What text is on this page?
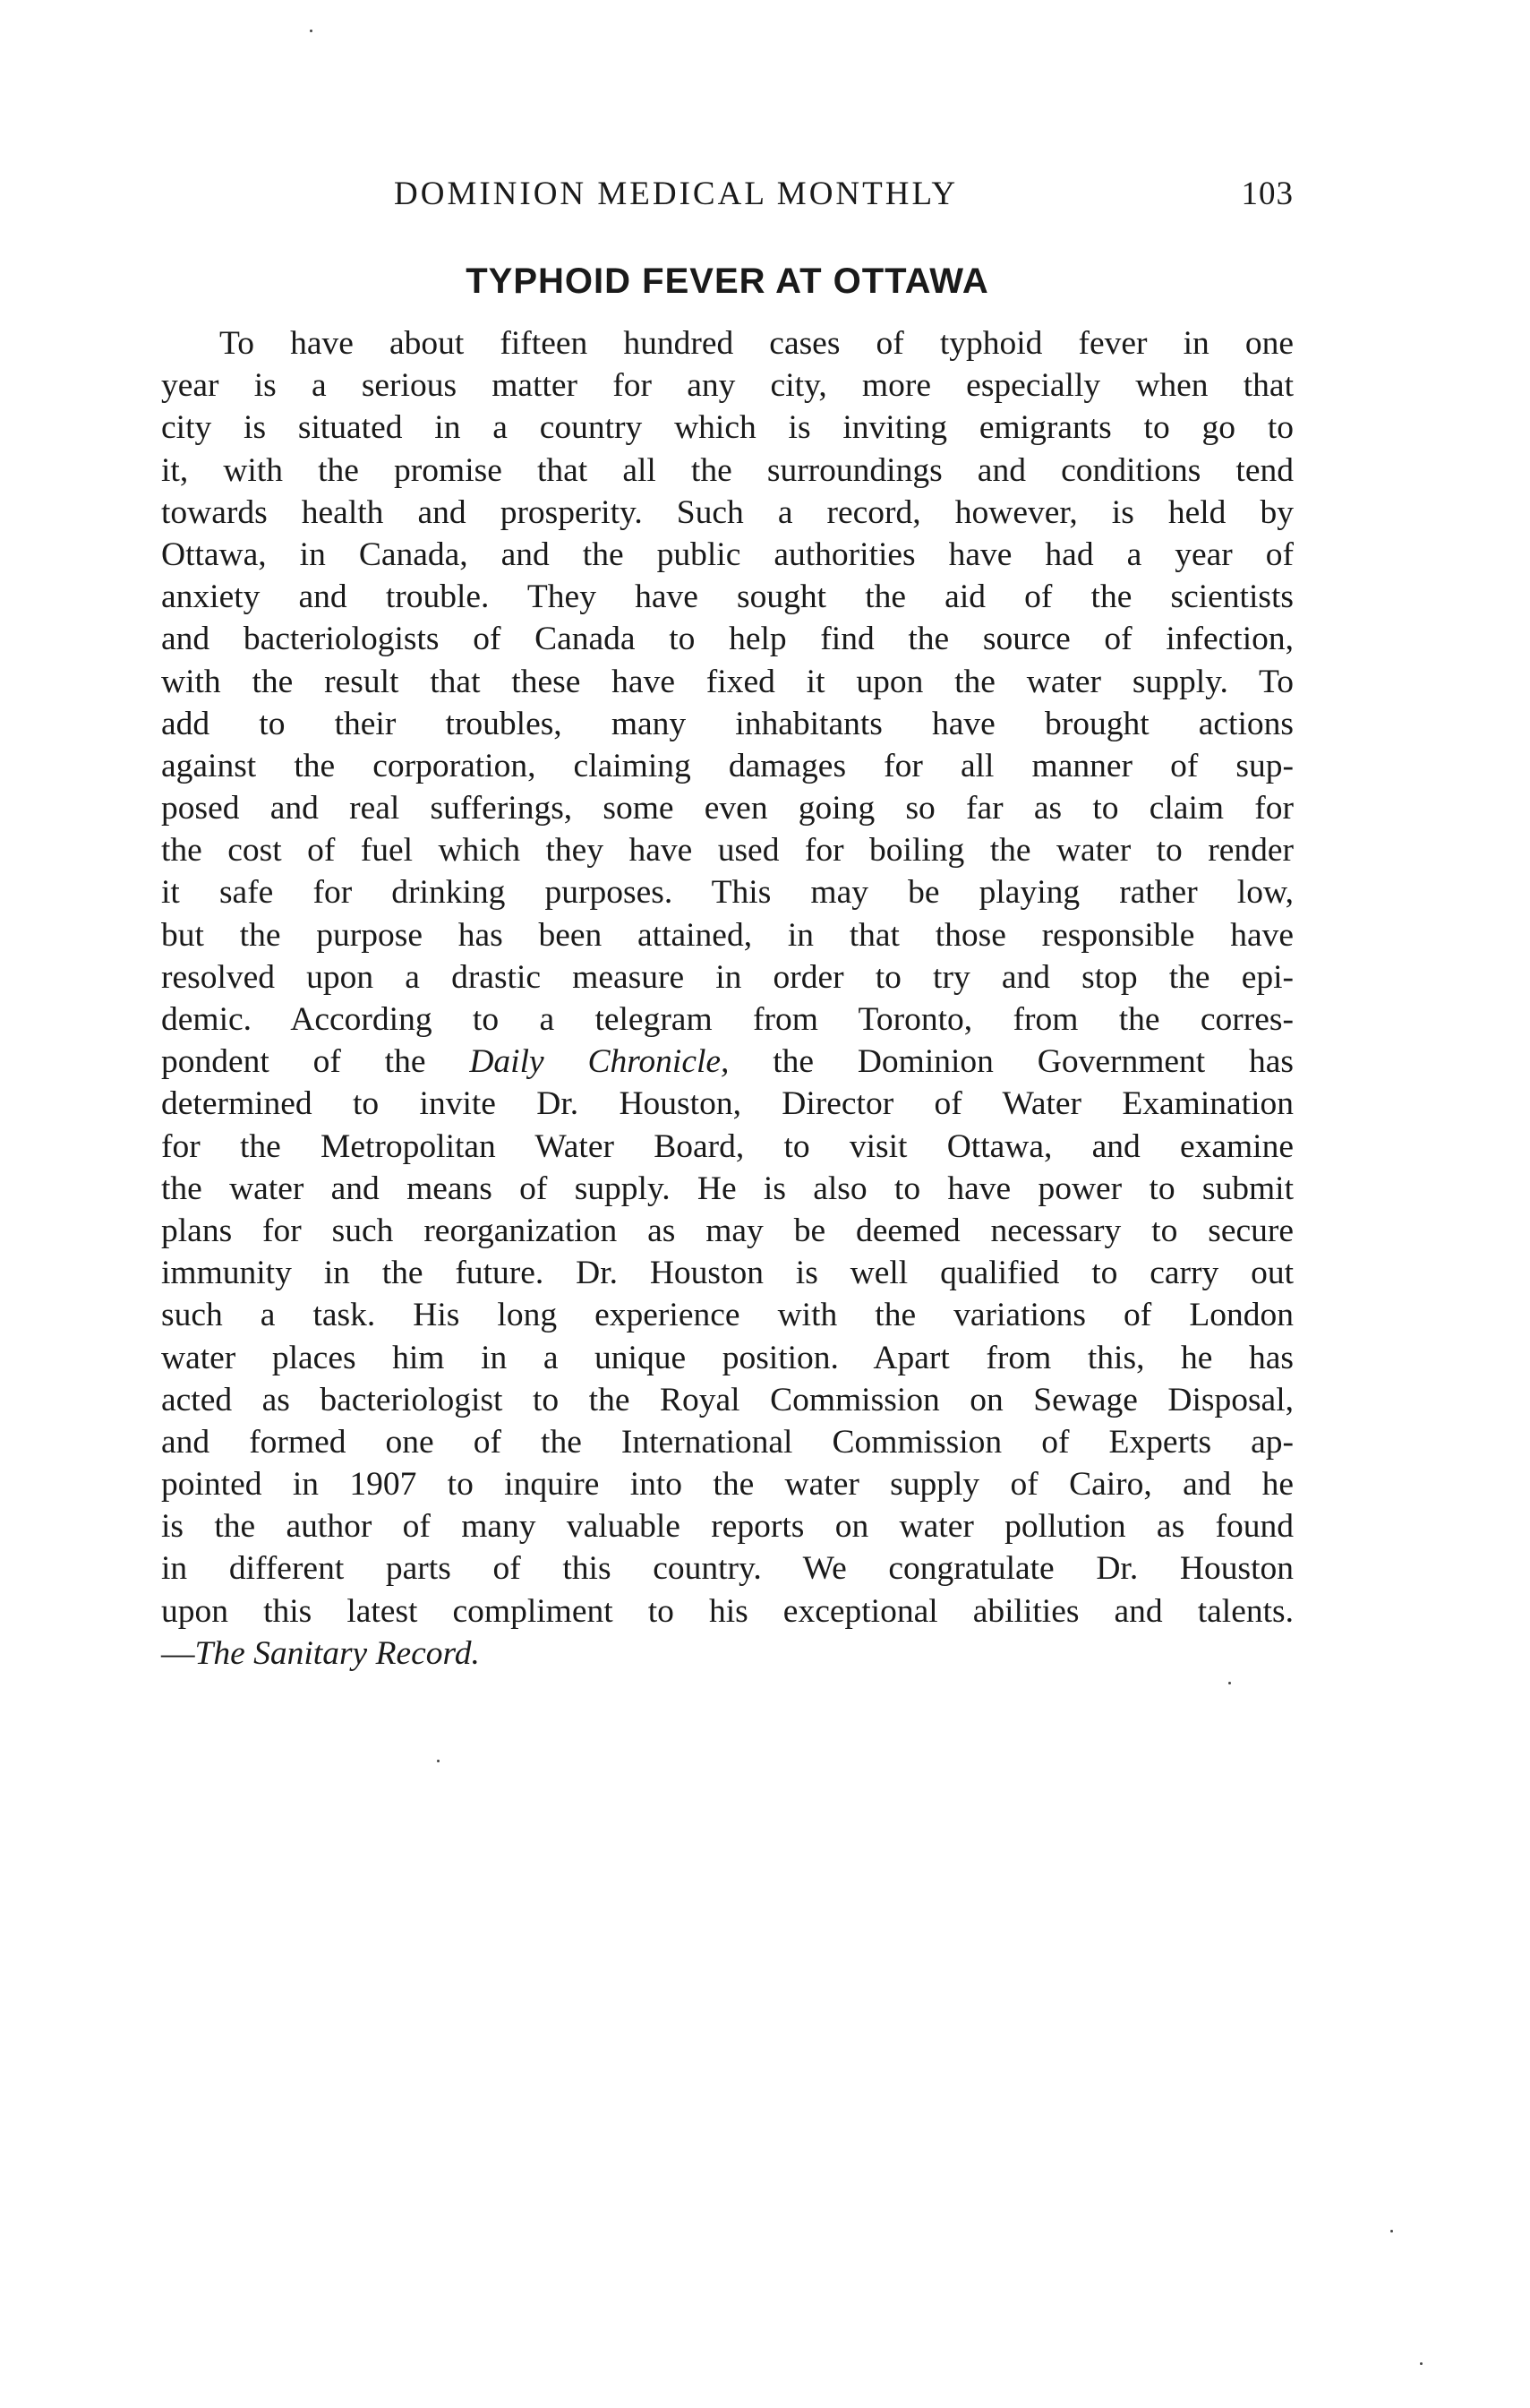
DOMINION MEDICAL MONTHLY	103
TYPHOID FEVER AT OTTAWA
To have about fifteen hundred cases of typhoid fever in one
year is a serious matter for any city, more especially when that
city is situated in a country which is inviting emigrants to go to
it, with the promise that all the surroundings and conditions tend
towards health and prosperity. Such a record, however, is held by
Ottawa, in Canada, and the public authorities have had a year of
anxiety and trouble. They have sought the aid of the scientists
and bacteriologists of Canada to help find the source of infection,
with the result that these have fixed it upon the water supply. To
add to their troubles, many inhabitants have brought actions
against the corporation, claiming damages for all manner of sup-
posed and real sufferings, some even going so far as to claim for
the cost of fuel which they have used for boiling the water to render
it safe for drinking purposes. This may be playing rather low,
but the purpose has been attained, in that those responsible have
resolved upon a drastic measure in order to try and stop the epi-
demic. According to a telegram from Toronto, from the corres-
pondent of the Daily Chronicle, the Dominion Government has
determined to invite Dr. Houston, Director of Water Examination
for the Metropolitan Water Board, to visit Ottawa, and examine
the water and means of supply. He is also to have power to submit
plans for such reorganization as may be deemed necessary to secure
immunity in the future. Dr. Houston is well qualified to carry out
such a task. His long experience with the variations of London
water places him in a unique position. Apart from this, he has
acted as bacteriologist to the Royal Commission on Sewage Disposal,
and formed one of the International Commission of Experts ap-
pointed in 1907 to inquire into the water supply of Cairo, and he
is the author of many valuable reports on water pollution as found
in different parts of this country. We congratulate Dr. Houston
upon this latest compliment to his exceptional abilities and talents.
—The Sanitary Record.
